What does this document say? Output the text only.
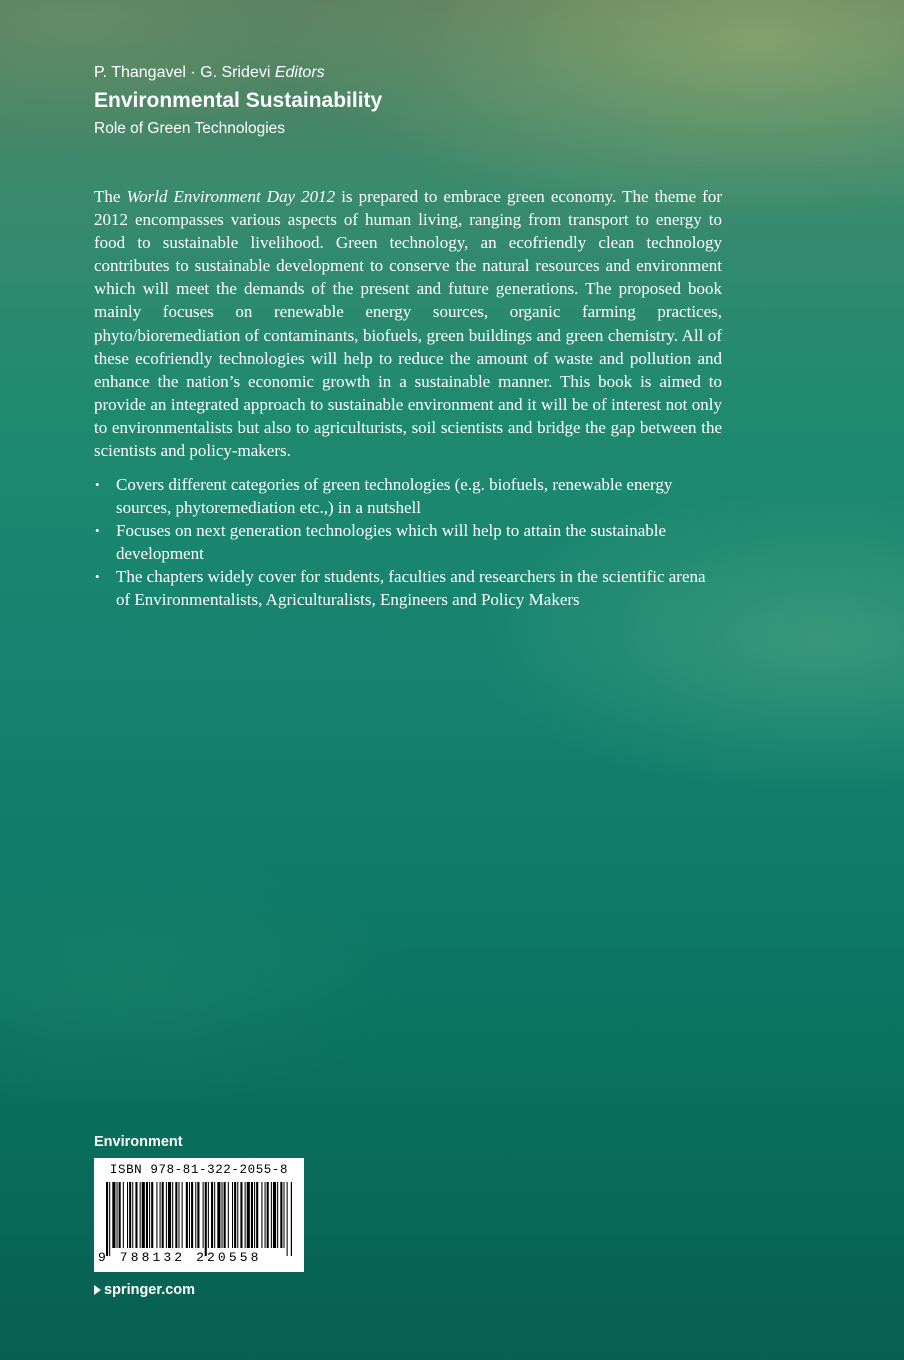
P. Thangavel · G. Sridevi Editors

Environmental Sustainability

Role of Green Technologies

The World Environment Day 2012 is prepared to embrace green economy. The theme for 2012 encompasses various aspects of human living, ranging from transport to energy to food to sustainable livelihood. Green technology, an ecofriendly clean technology contributes to sustainable development to conserve the natural resources and environment which will meet the demands of the present and future generations. The proposed book mainly focuses on renewable energy sources, organic farming practices, phyto/bioremediation of contaminants, biofuels, green buildings and green chemistry. All of these ecofriendly technologies will help to reduce the amount of waste and pollution and enhance the nation’s economic growth in a sustainable manner. This book is aimed to provide an integrated approach to sustainable environment and it will be of interest not only to environmentalists but also to agriculturists, soil scientists and bridge the gap between the scientists and policy-makers.

• Covers different categories of green technologies (e.g. biofuels, renewable energy sources, phytoremediation etc.,) in a nutshell
• Focuses on next generation technologies which will help to attain the sustainable development
• The chapters widely cover for students, faculties and researchers in the scientific arena of Environmentalists, Agriculturalists, Engineers and Policy Makers
Environment
ISBN 978-81-322-2055-8
9 788132 220558
springer.com
